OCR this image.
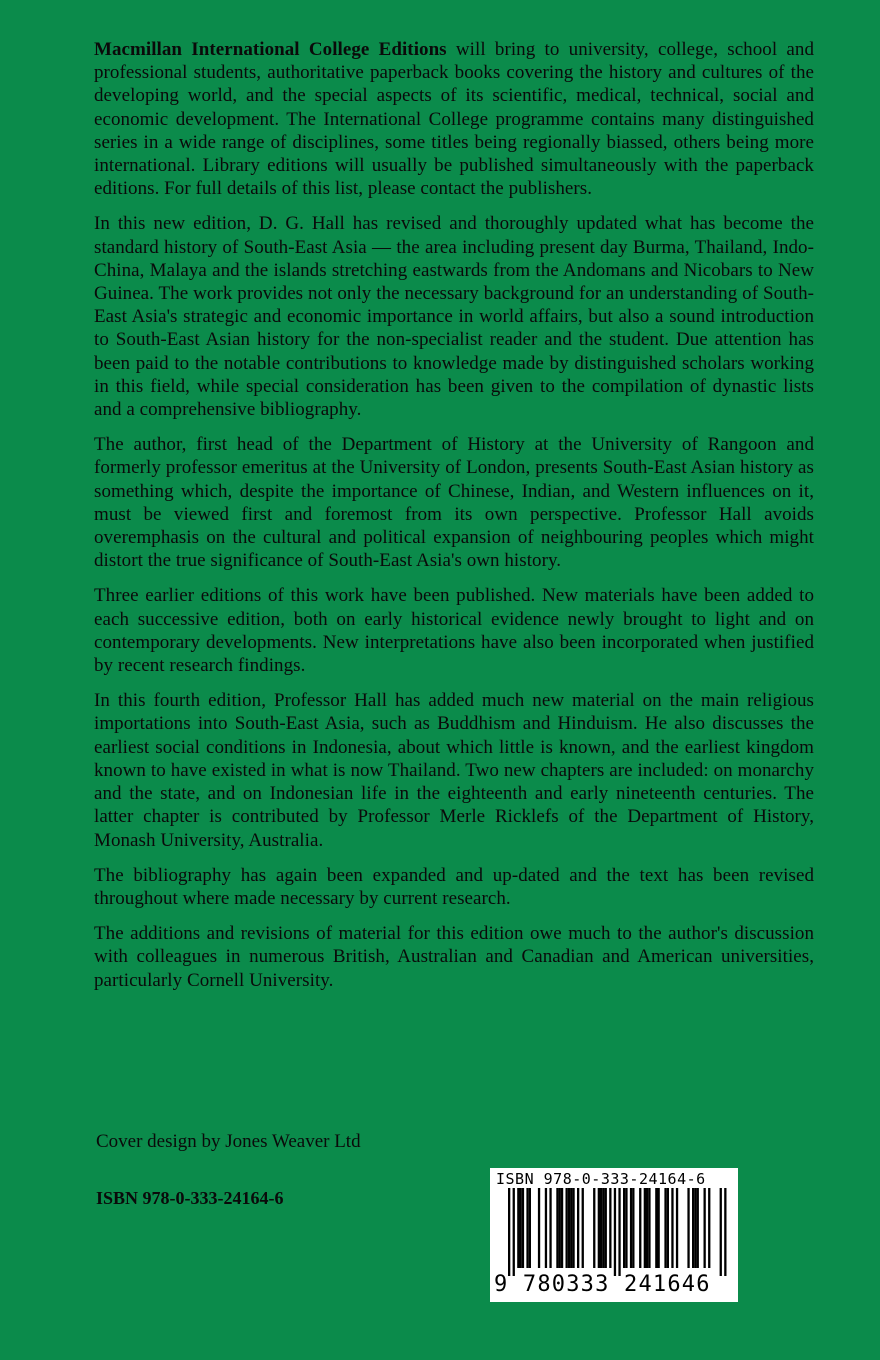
Macmillan International College Editions will bring to university, college, school and professional students, authoritative paperback books covering the history and cultures of the developing world, and the special aspects of its scientific, medical, technical, social and economic development. The International College programme contains many distinguished series in a wide range of disciplines, some titles being regionally biassed, others being more international. Library editions will usually be published simultaneously with the paperback editions. For full details of this list, please contact the publishers.

In this new edition, D. G. Hall has revised and thoroughly updated what has become the standard history of South-East Asia — the area including present day Burma, Thailand, Indo-China, Malaya and the islands stretching eastwards from the Andomans and Nicobars to New Guinea. The work provides not only the necessary background for an understanding of South-East Asia's strategic and economic importance in world affairs, but also a sound introduction to South-East Asian history for the non-specialist reader and the student. Due attention has been paid to the notable contributions to knowledge made by distinguished scholars working in this field, while special consideration has been given to the compilation of dynastic lists and a comprehensive bibliography.

The author, first head of the Department of History at the University of Rangoon and formerly professor emeritus at the University of London, presents South-East Asian history as something which, despite the importance of Chinese, Indian, and Western influences on it, must be viewed first and foremost from its own perspective. Professor Hall avoids overemphasis on the cultural and political expansion of neighbouring peoples which might distort the true significance of South-East Asia's own history.

Three earlier editions of this work have been published. New materials have been added to each successive edition, both on early historical evidence newly brought to light and on contemporary developments. New interpretations have also been incorporated when justified by recent research findings.

In this fourth edition, Professor Hall has added much new material on the main religious importations into South-East Asia, such as Buddhism and Hinduism. He also discusses the earliest social conditions in Indonesia, about which little is known, and the earliest kingdom known to have existed in what is now Thailand. Two new chapters are included: on monarchy and the state, and on Indonesian life in the eighteenth and early nineteenth centuries. The latter chapter is contributed by Professor Merle Ricklefs of the Department of History, Monash University, Australia.

The bibliography has again been expanded and up-dated and the text has been revised throughout where made necessary by current research.

The additions and revisions of material for this edition owe much to the author's discussion with colleagues in numerous British, Australian and Canadian and American universities, particularly Cornell University.

Cover design by Jones Weaver Ltd
ISBN 978-0-333-24164-6
ISBN 978-0-333-24164-6
9 780333 241646
